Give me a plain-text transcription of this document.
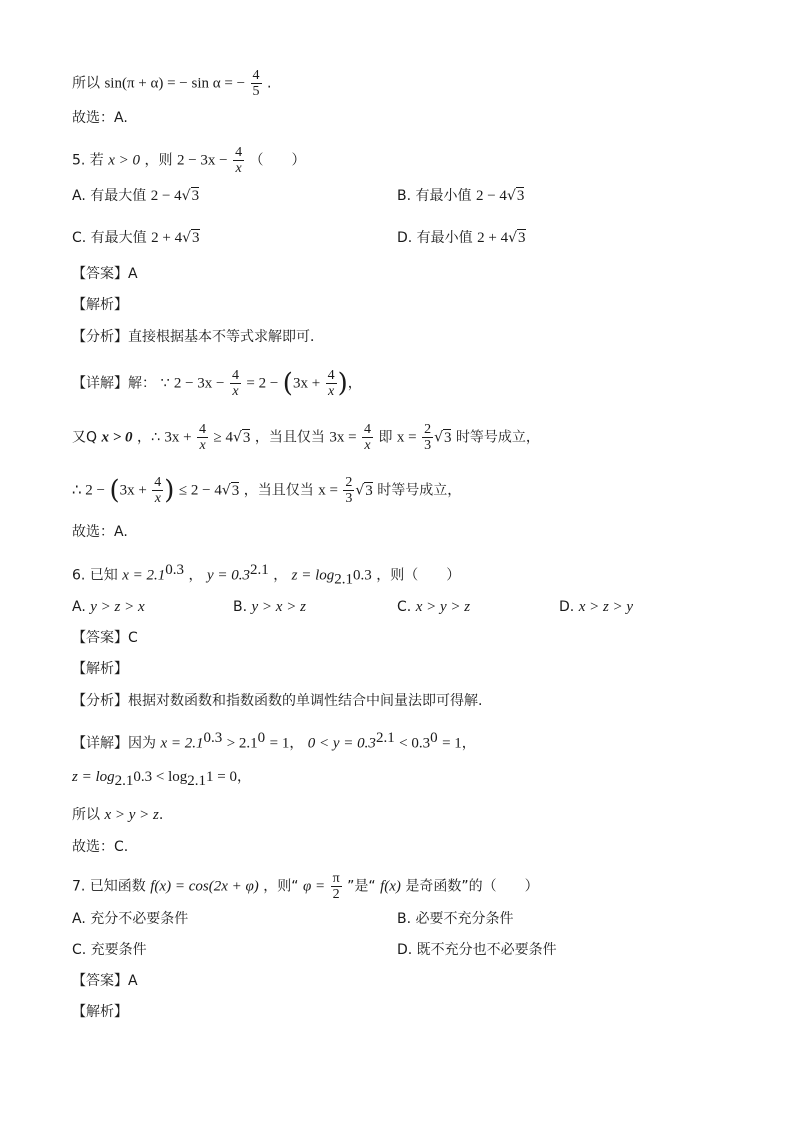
所以 sin(π + α) = − sin α = − $\frac{4}{5}$ .
故选：A.
5. 若 x > 0 ，则 $2 - 3x - \frac{4}{x}$ （　　）
A. 有最大值 2 − 4√3	B. 有最小值 2 − 4√3
C. 有最大值 2 + 4√3	D. 有最小值 2 + 4√3
【答案】A
【解析】
【分析】直接根据基本不等式求解即可．
【详解】解： ∵ $2 - 3x - \frac{4}{x} = 2 - (3x + \frac{4}{x}$ )，
又Q x > 0 ，∴ $3x + \frac{4}{x} \ge 4√3$ ，当且仅当 $3x = \frac{4}{x}$ 即 $x = \frac{2}{3} √3$ 时等号成立，
∴ $2 - (3x + \frac{4}{x}$ ) ≤ 2 − 4√3 ，当且仅当 $x = \frac{2}{3} √3$ 时等号成立，
故选：A.
6. 已知 $x = 2.1^{0.3}$ ， $y = 0.3^{2.1}$ ， $z = \log_{2.1}0.3$ ，则（　　）
A. y > z > x	B. y > x > z	C. x > y > z	D. x > z > y
【答案】C
【解析】
【分析】根据对数函数和指数函数的单调性结合中间量法即可得解.
【详解】因为 $x = 2.1^{0.3} > 2.1^0 = 1$， $0 < y = 0.3^{2.1} < 0.3^0 = 1$，
$z = \log_{2.1}0.3 < \log_{2.1}1 = 0$，
所以 x > y > z.
故选：C.
7. 已知函数 f(x) = cos(2x + φ) ，则“ $\varphi = \frac{\pi}{2}$ ”是“ f(x) 是奇函数”的（　　）
A. 充分不必要条件	B. 必要不充分条件
C. 充要条件	D. 既不充分也不必要条件
【答案】A
【解析】
